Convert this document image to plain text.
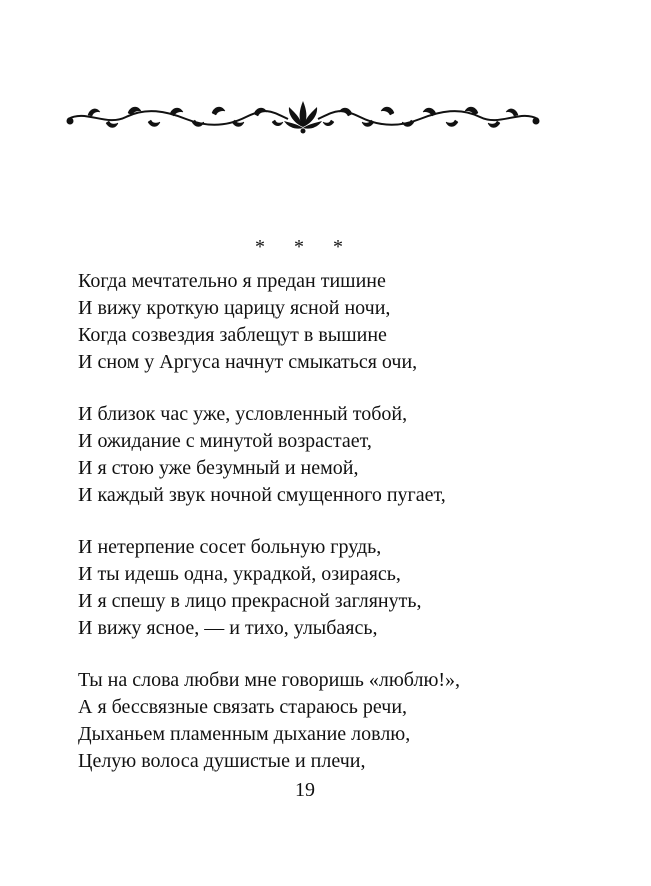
* * *
Когда мечтательно я предан тишине
И вижу кроткую царицу ясной ночи,
Когда созвездия заблещут в вышине
И сном у Аргуса начнут смыкаться очи,
И близок час уже, условленный тобой,
И ожидание с минутой возрастает,
И я стою уже безумный и немой,
И каждый звук ночной смущенного пугает,
И нетерпение сосет больную грудь,
И ты идешь одна, украдкой, озираясь,
И я спешу в лицо прекрасной заглянуть,
И вижу ясное, — и тихо, улыбаясь,
Ты на слова любви мне говоришь «люблю!»,
А я бессвязные связать стараюсь речи,
Дыханьем пламенным дыхание ловлю,
Целую волоса душистые и плечи,
19
